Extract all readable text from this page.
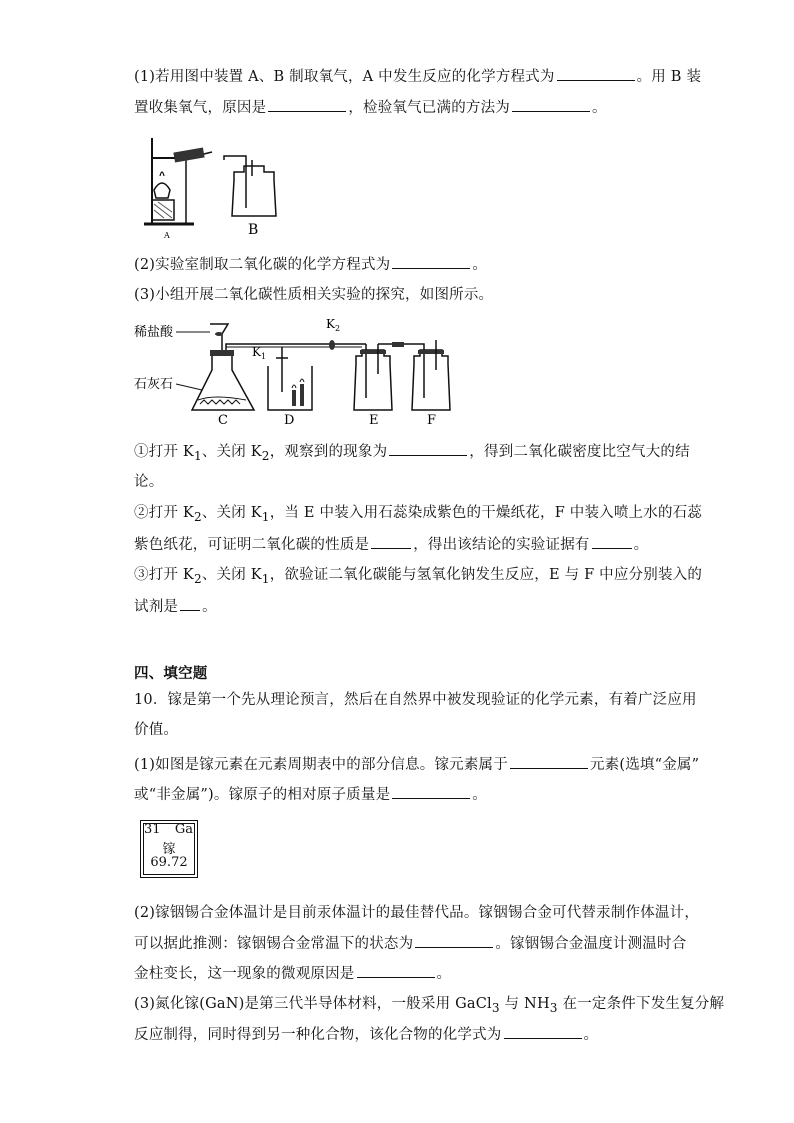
(1)若用图中装置 A、B 制取氧气，A 中发生反应的化学方程式为	。用 B 装
置收集氧气，原因是	，检验氧气已满的方法为	。
A	B
(2)实验室制取二氧化碳的化学方程式为	。
(3)小组开展二氧化碳性质相关实验的探究，如图所示。
稀盐酸
石灰石
C
$K_1$
D
$K_2$
E	F
①打开 $K_1$、关闭 $K_2$，观察到的现象为	，得到二氧化碳密度比空气大的结
论。
②打开 $K_2$、关闭 $K_1$，当 E 中装入用石蕊染成紫色的干燥纸花，F 中装入喷上水的石蕊
紫色纸花，可证明二氧化碳的性质是	，得出该结论的实验证据有	。
③打开 $K_2$、关闭 $K_1$，欲验证二氧化碳能与氢氧化钠发生反应，E 与 F 中应分别装入的
试剂是 。
四、填空题
10．镓是第一个先从理论预言，然后在自然界中被发现验证的化学元素，有着广泛应用
价值。
(1)如图是镓元素在元素周期表中的部分信息。镓元素属于	元素(选填“金属”
或“非金属”)。镓原子的相对原子质量是	。
31 Ga
镓
69.72
(2)镓铟锡合金体温计是目前汞体温计的最佳替代品。镓铟锡合金可代替汞制作体温计，
可以据此推测：镓铟锡合金常温下的状态为	。镓铟锡合金温度计测温时合
金柱变长，这一现象的微观原因是	。
(3)氮化镓(GaN)是第三代半导体材料，一般采用 GaCl$_3$ 与 $NH_3$ 在一定条件下发生复分解
反应制得，同时得到另一种化合物，该化合物的化学式为	。
